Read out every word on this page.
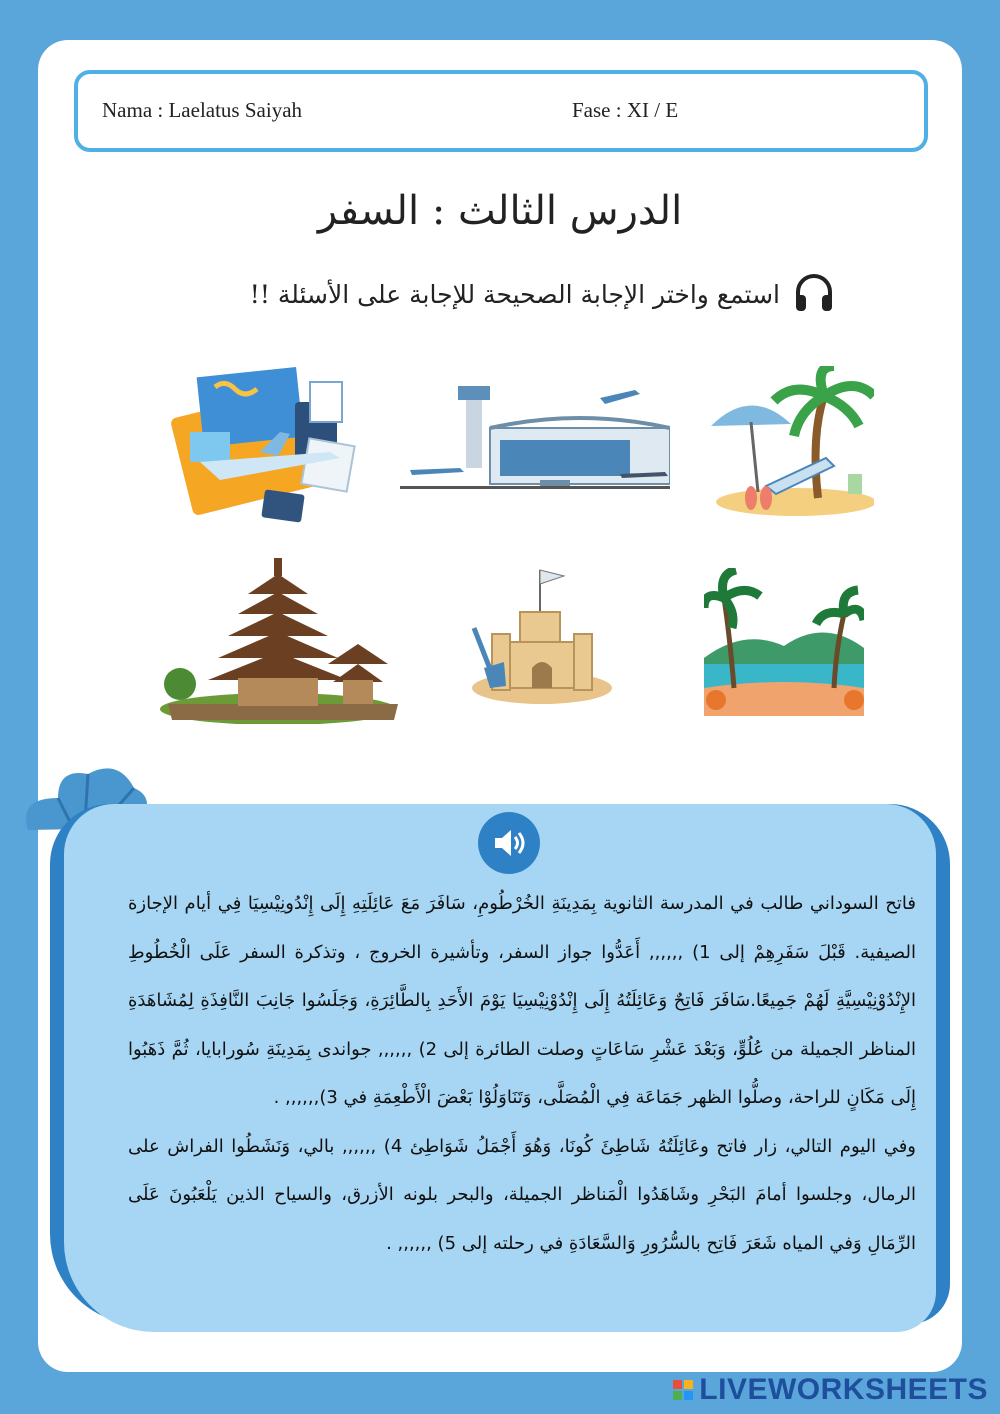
Nama : Laelatus Saiyah	Fase : XI / E
الدرس الثالث : السفر
استمع واختر الإجابة الصحيحة للإجابة على الأسئلة !!

فاتح السوداني طالب في المدرسة الثانوية بِمَدِينَةِ الخُرْطُومِ، سَافَرَ مَعَ عَائِلَتِهِ إِلَى إِنْدُونِيْسِيَا فِي أيام الإجازة الصيفية. قَبْلَ سَفَرِهِمْ إلى 1) ,,,,,, أَعَدُّوا جواز السفر، وتأشيرة الخروج ، وتذكرة السفر عَلَى الْخُطُوطِ الإِنْدُوْنِيْسِيَّةِ لَهُمْ جَمِيعًا.سَافَرَ فَاتِحٌ وَعَائِلَتُهُ إِلَى إِنْدُوْنِيْسِيَا يَوْمَ الأَحَدِ بِالطَّائِرَةِ، وَجَلَسُوا جَانِبَ النَّافِذَةِ لِمُشَاهَدَةِ المناظر الجميلة من عُلُوٍّ، وَبَعْدَ عَشْرِ سَاعَاتٍ وصلت الطائرة إلى 2) ,,,,,, جواندى بِمَدِينَةِ سُورابايا، ثُمَّ ذَهَبُوا إِلَى مَكَانٍ للراحة، وصلُّوا الظهر جَمَاعَة فِي الْمُصَلَّى، وَتَنَاوَلُوْا بَعْضَ الْأَطْعِمَةِ في 3),,,,,, .

وفي اليوم التالي، زار فاتح وعَائِلَتُهُ شَاطِئَ كُونَا، وَهُوَ أَجْمَلُ شَوَاطِئ 4) ,,,,,, بالي، وَنَشَطُوا الفراش على الرمال، وجلسوا أمامَ البَحْرِ وشَاهَدُوا الْمَناظر الجميلة، والبحر بلونه الأزرق، والسياح الذين يَلْعَبُونَ عَلَى الرِّمَالِ وَفي المياه شَعَرَ فَاتِح بالسُّرُورِ وَالسَّعَادَةِ في رحلته إلى 5) ,,,,,, .

LIVEWORKSHEETS
